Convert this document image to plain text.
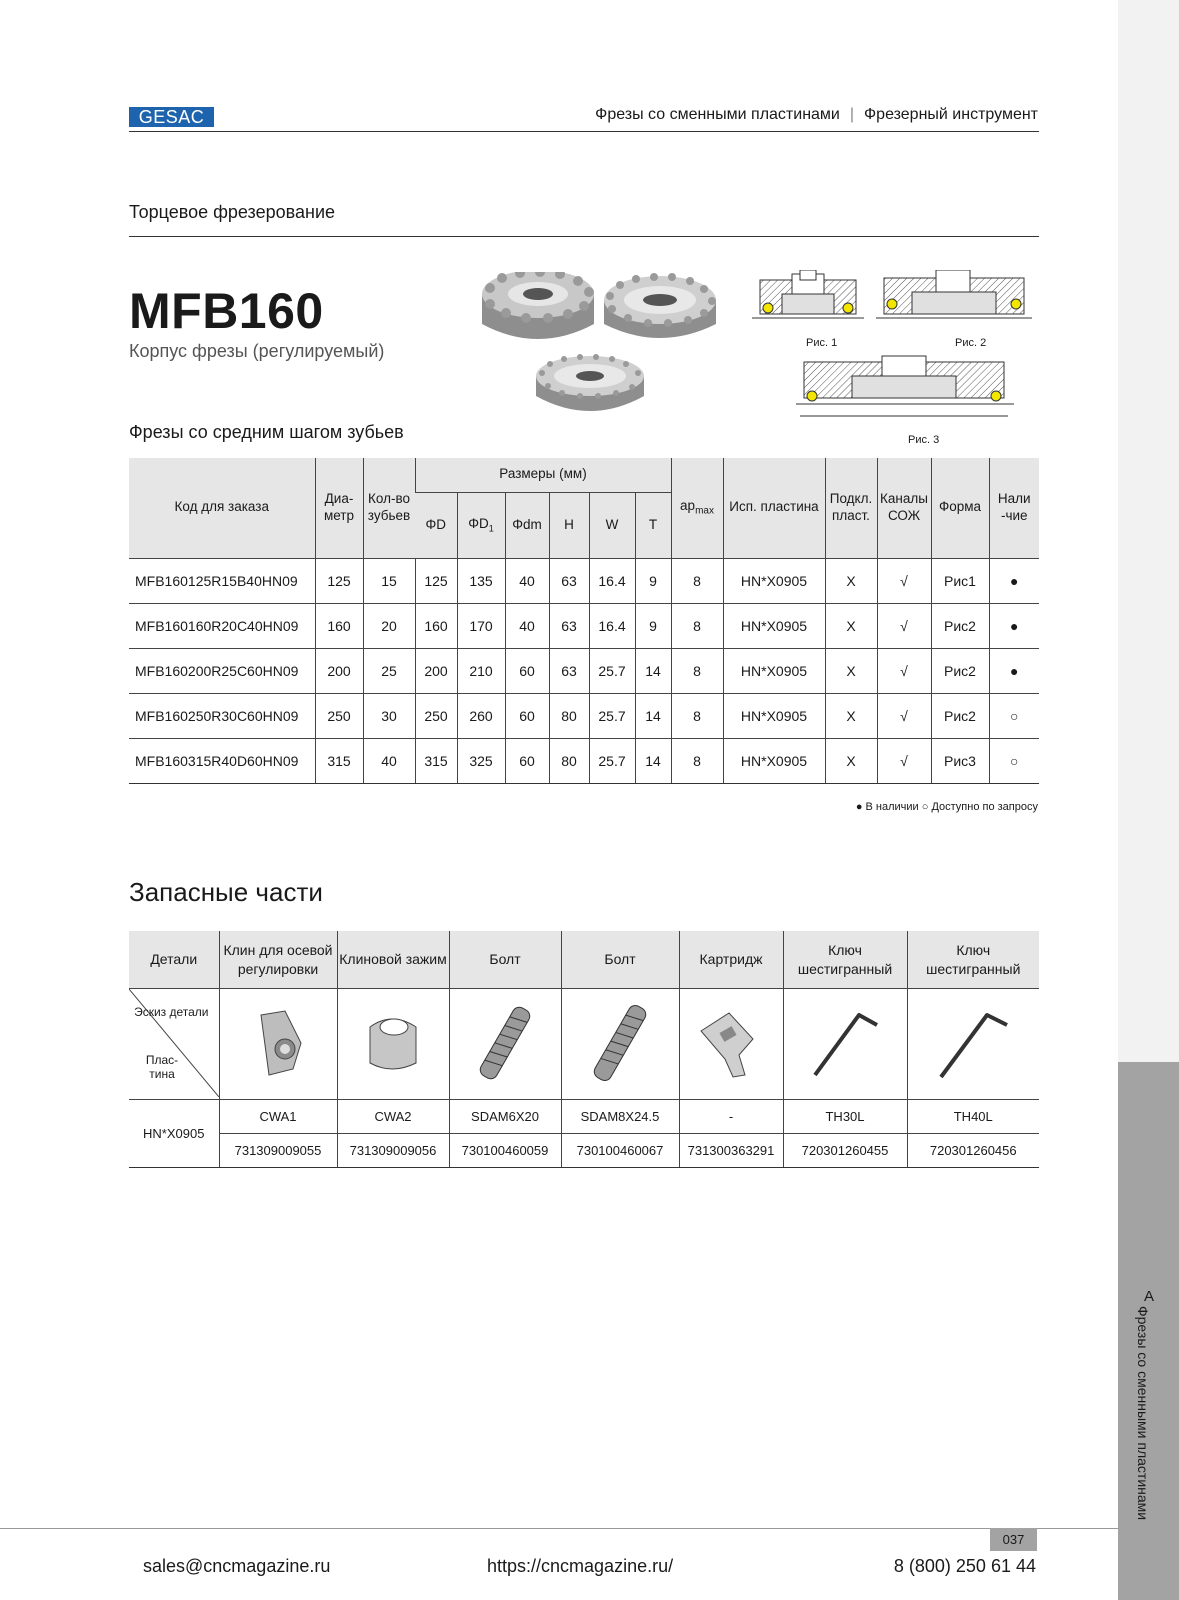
A
Фрезы со сменными пластинами
GESAC	Фрезы со сменными пластинами | Фрезерный инструмент
Торцевое фрезерование
MFB160
Корпус фрезы (регулируемый)	Рис. 1	Рис. 2
Рис. 3
Фрезы со средним шагом зубьев
Код для заказа	Диа-метр	Кол-во зубьев	Размеры (мм)						$ap_{max}$	Исп. пластина	Подкл. пласт.	Каналы СОЖ	Форма	Нали -чие
			ΦD	$\Phi D_1$	Φdm	H	W	T						
MFB160125R15B40HN09	125	15	125	135	40	63	16.4	9	8	HN*X0905	X	√	Рис1	●
MFB160160R20C40HN09	160	20	160	170	40	63	16.4	9	8	HN*X0905	X	√	Рис2	●
MFB160200R25C60HN09	200	25	200	210	60	63	25.7	14	8	HN*X0905	X	√	Рис2	●
MFB160250R30C60HN09	250	30	250	260	60	80	25.7	14	8	HN*X0905	X	√	Рис2	○
MFB160315R40D60HN09	315	40	315	325	60	80	25.7	14	8	HN*X0905	X	√	Рис3	○
● В наличии ○ Доступно по запросу
Запасные части
Детали	Клин для осевой регулировки	Клиновой зажим	Болт	Болт	Картридж	Ключ шестигранный	Ключ шестигранный

Эскиз детали
Плас- тина

HN*X0905	CWA1	CWA2	SDAM6X20	SDAM8X24.5	-	TH30L	TH40L
	731309009055	731309009056	730100460059	730100460067	731300363291	720301260455	720301260456
037
sales@cncmagazine.ru	https://cncmagazine.ru/	8 (800) 250 61 44
